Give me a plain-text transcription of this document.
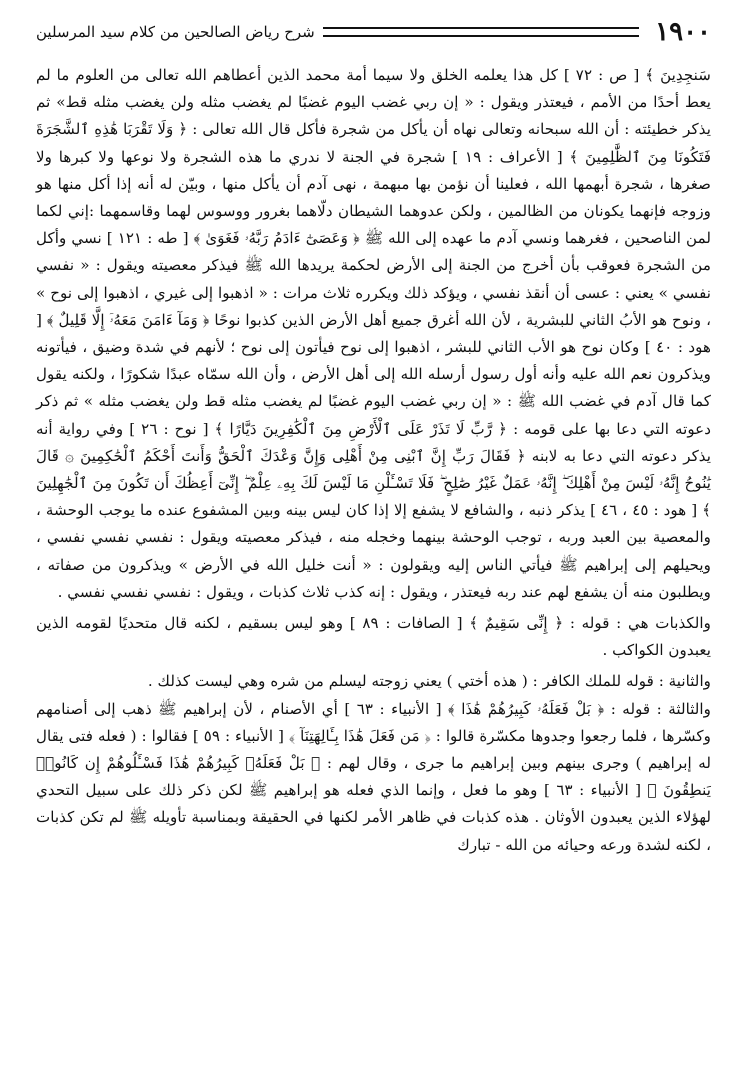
١٩٠٠
شرح رياض الصالحين من كلام سيد المرسلين

سَنجِدِينَ ﴾ [ ص : ٧٢ ] كل هذا يعلمه الخلق ولا سيما أمة محمد الذين أعطاهم الله تعالى من العلوم ما لم يعط أحدًا من الأمم ، فيعتذر ويقول : « إن ربي غضب اليوم غضبًا لم يغضب مثله ولن يغضب مثله قط» ثم يذكر خطيئته : أن الله سبحانه وتعالى نهاه أن يأكل من شجرة فأكل قال الله تعالى : ﴿ وَلَا تَقْرَبَا هَٰذِهِ ٱلشَّجَرَةَ فَتَكُونَا مِنَ ٱلظَّٰلِمِينَ ﴾ [ الأعراف : ١٩ ] شجرة في الجنة لا ندري ما هذه الشجرة ولا نوعها ولا كبرها ولا صغرها ، شجرة أبهمها الله ، فعلينا أن نؤمن بها مبهمة ، نهى آدم أن يأكل منها ، وبيّن له أنه إذا أكل منها هو وزوجه فإنهما يكونان من الظالمين ، ولكن عدوهما الشيطان دلّاهما بغرور ووسوس لهما وقاسمهما :إني لكما لمن الناصحين ، فغرهما ونسي آدم ما عهده إلى الله ﷺ ﴿ وَعَصَىٰٓ ءَادَمُ رَبَّهُۥ فَغَوَىٰ ﴾ [ طه : ١٢١ ] نسي وأكل من الشجرة فعوقب بأن أخرج من الجنة إلى الأرض لحكمة يريدها الله ﷺ فيذكر معصيته ويقول : « نفسي نفسي » يعني : عسى أن أنقذ نفسي ، ويؤكد ذلك ويكرره ثلاث مرات : « اذهبوا إلى غيري ، اذهبوا إلى نوح » ، ونوح هو الأبُ الثاني للبشرية ، لأن الله أغرق جميع أهل الأرض الذين كذبوا نوحًا ﴿ وَمَآ ءَامَنَ مَعَهُۥٓ إِلَّا قَلِيلٌ ﴾ [ هود : ٤٠ ] وكان نوح هو الأب الثاني للبشر ، اذهبوا إلى نوح فيأتون إلى نوح ؛ لأنهم في شدة وضيق ، فيأتونه ويذكرون نعم الله عليه وأنه أول رسول أرسله الله إلى أهل الأرض ، وأن الله سمّاه عبدًا شكورًا ، ولكنه يقول كما قال آدم في غضب الله ﷺ : « إن ربي غضب اليوم غضبًا لم يغضب مثله قط ولن يغضب مثله » ثم ذكر دعوته التي دعا بها على قومه : ﴿ رَّبِّ لَا تَذَرْ عَلَى ٱلْأَرْضِ مِنَ ٱلْكَٰفِرِينَ دَيَّارًا ﴾ [ نوح : ٢٦ ] وفي رواية أنه يذكر دعوته التي دعا به لابنه ﴿ فَقَالَ رَبِّ إِنَّ ٱبْنِى مِنْ أَهْلِى وَإِنَّ وَعْدَكَ ٱلْحَقُّ وَأَنتَ أَحْكَمُ ٱلْحَٰكِمِينَ ۞ قَالَ يَٰنُوحُ إِنَّهُۥ لَيْسَ مِنْ أَهْلِكَ ۖ إِنَّهُۥ عَمَلٌ غَيْرُ صَٰلِحٍ ۖ فَلَا تَسْـَٔلْنِ مَا لَيْسَ لَكَ بِهِۦ عِلْمٌ ۖ إِنِّىٓ أَعِظُكَ أَن تَكُونَ مِنَ ٱلْجَٰهِلِينَ ﴾ [ هود : ٤٥ ، ٤٦ ] يذكر ذنبه ، والشافع لا يشفع إلا إذا كان ليس بينه وبين المشفوع عنده ما يوجب الوحشة ، والمعصية بين العبد وربه ، توجب الوحشة بينهما وخجله منه ، فيذكر معصيته ويقول : نفسي نفسي نفسي ، ويحيلهم إلى إبراهيم ﷺ فيأتي الناس إليه ويقولون : « أنت خليل الله في الأرض » ويذكرون من صفاته ، ويطلبون منه أن يشفع لهم عند ربه فيعتذر ، ويقول : إنه كذب ثلاث كذبات ، ويقول : نفسي نفسي نفسي .

والكذبات هي : قوله : ﴿ إِنِّى سَقِيمٌ ﴾ [ الصافات : ٨٩ ] وهو ليس بسقيم ، لكنه قال متحديًا لقومه الذين يعبدون الكواكب .

والثانية : قوله للملك الكافر : ( هذه أختي ) يعني زوجته ليسلم من شره وهي ليست كذلك .

والثالثة : قوله : ﴿ بَلْ فَعَلَهُۥ كَبِيرُهُمْ هَٰذَا ﴾ [ الأنبياء : ٦٣ ] أي الأصنام ، لأن إبراهيم ﷺ ذهب إلى أصنامهم وكسّرها ، فلما رجعوا وجدوها مكسّرة قالوا : ﴿ مَن فَعَلَ هَٰذَا بِـَٔالِهَتِنَآ ﴾ [ الأنبياء : ٥٩ ] فقالوا : ( فعله فتى يقال له إبراهيم ) وجرى بينهم وبين إبراهيم ما جرى ، وقال لهم : ﴿ بَلْ فَعَلَهُۥ كَبِيرُهُمْ هَٰذَا فَسْـَٔلُوهُمْ إِن كَانُوا۟ يَنطِقُونَ ﴾ [ الأنبياء : ٦٣ ] وهو ما فعل ، وإنما الذي فعله هو إبراهيم ﷺ لكن ذكر ذلك على سبيل التحدي لهؤلاء الذين يعبدون الأوثان . هذه كذبات في ظاهر الأمر لكنها في الحقيقة وبمناسبة تأويله ﷺ لم تكن كذبات ، لكنه لشدة ورعه وحيائه من الله - تبارك
